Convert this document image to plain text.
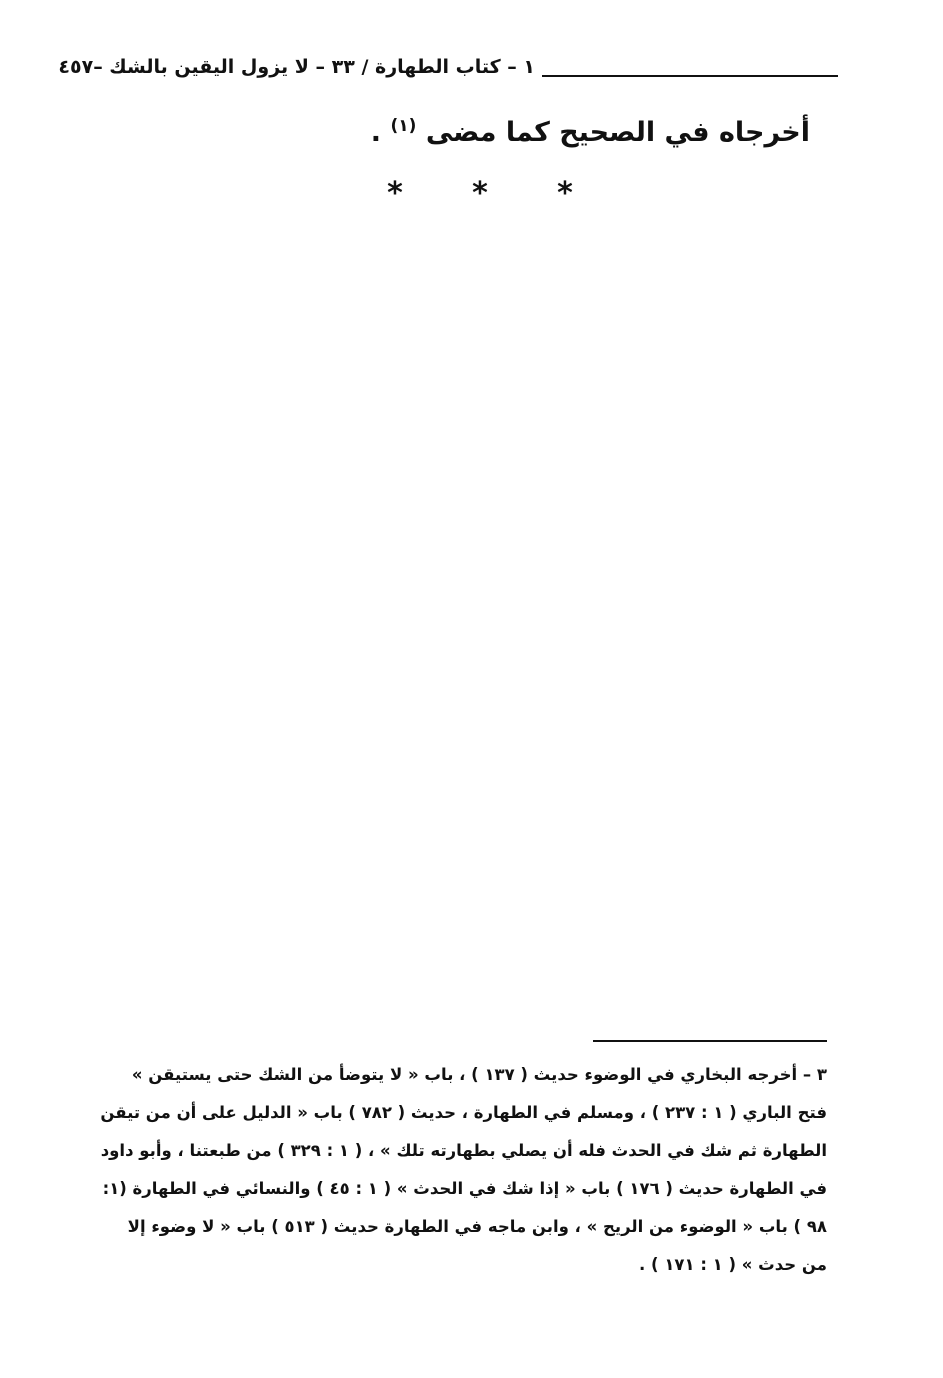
١ – كتاب الطهارة / ٣٣ – لا يزول اليقين بالشك –٤٥٧
أخرجاه في الصحيح كما مضى $^{(١)}$ .
* * *
٣ – أخرجه البخاري في الوضوء حديث ( ١٣٧ ) ، باب « لا يتوضأ من الشك حتى يستيقن »
فتح الباري ( ١ : ٢٣٧ ) ، ومسلم في الطهارة ، حديث ( ٧٨٢ ) باب « الدليل على أن من تيقن
الطهارة ثم شك في الحدث فله أن يصلي بطهارته تلك » ، ( ١ : ٣٢٩ ) من طبعتنا ، وأبو داود
في الطهارة حديث ( ١٧٦ ) باب « إذا شك في الحدث » ( ١ : ٤٥ ) والنسائي في الطهارة (١:
٩٨ ) باب « الوضوء من الريح » ، وابن ماجه في الطهارة حديث ( ٥١٣ ) باب « لا وضوء إلا
من حدث » ( ١ : ١٧١ ) .
